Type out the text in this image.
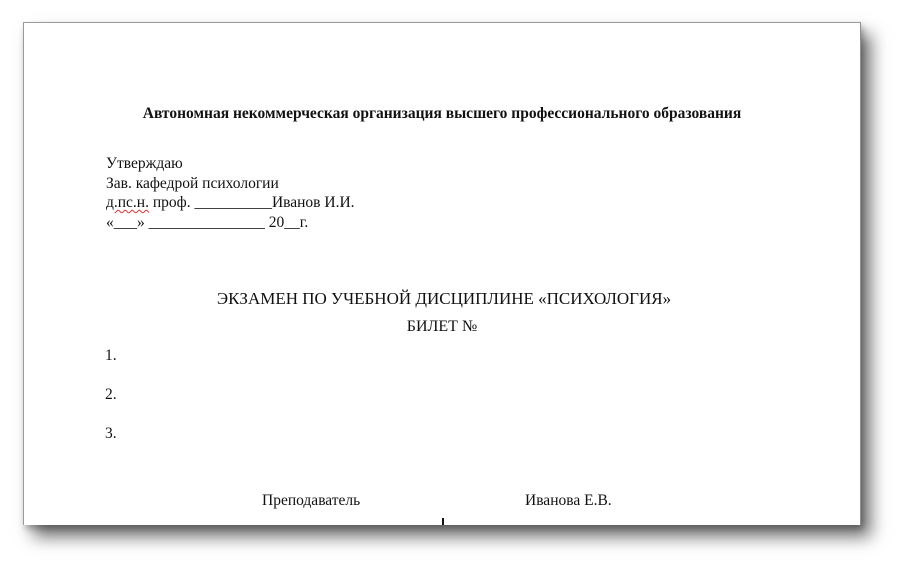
Автономная некоммерческая организация высшего профессионального образования
Утверждаю
Зав. кафедрой психологии
д.пс.н. проф. __________Иванов И.И.
«___» _______________ 20__г.
ЭКЗАМЕН ПО УЧЕБНОЙ ДИСЦИПЛИНЕ «ПСИХОЛОГИЯ»
БИЛЕТ №
1.
2.
3.
Преподаватель	Иванова Е.В.
